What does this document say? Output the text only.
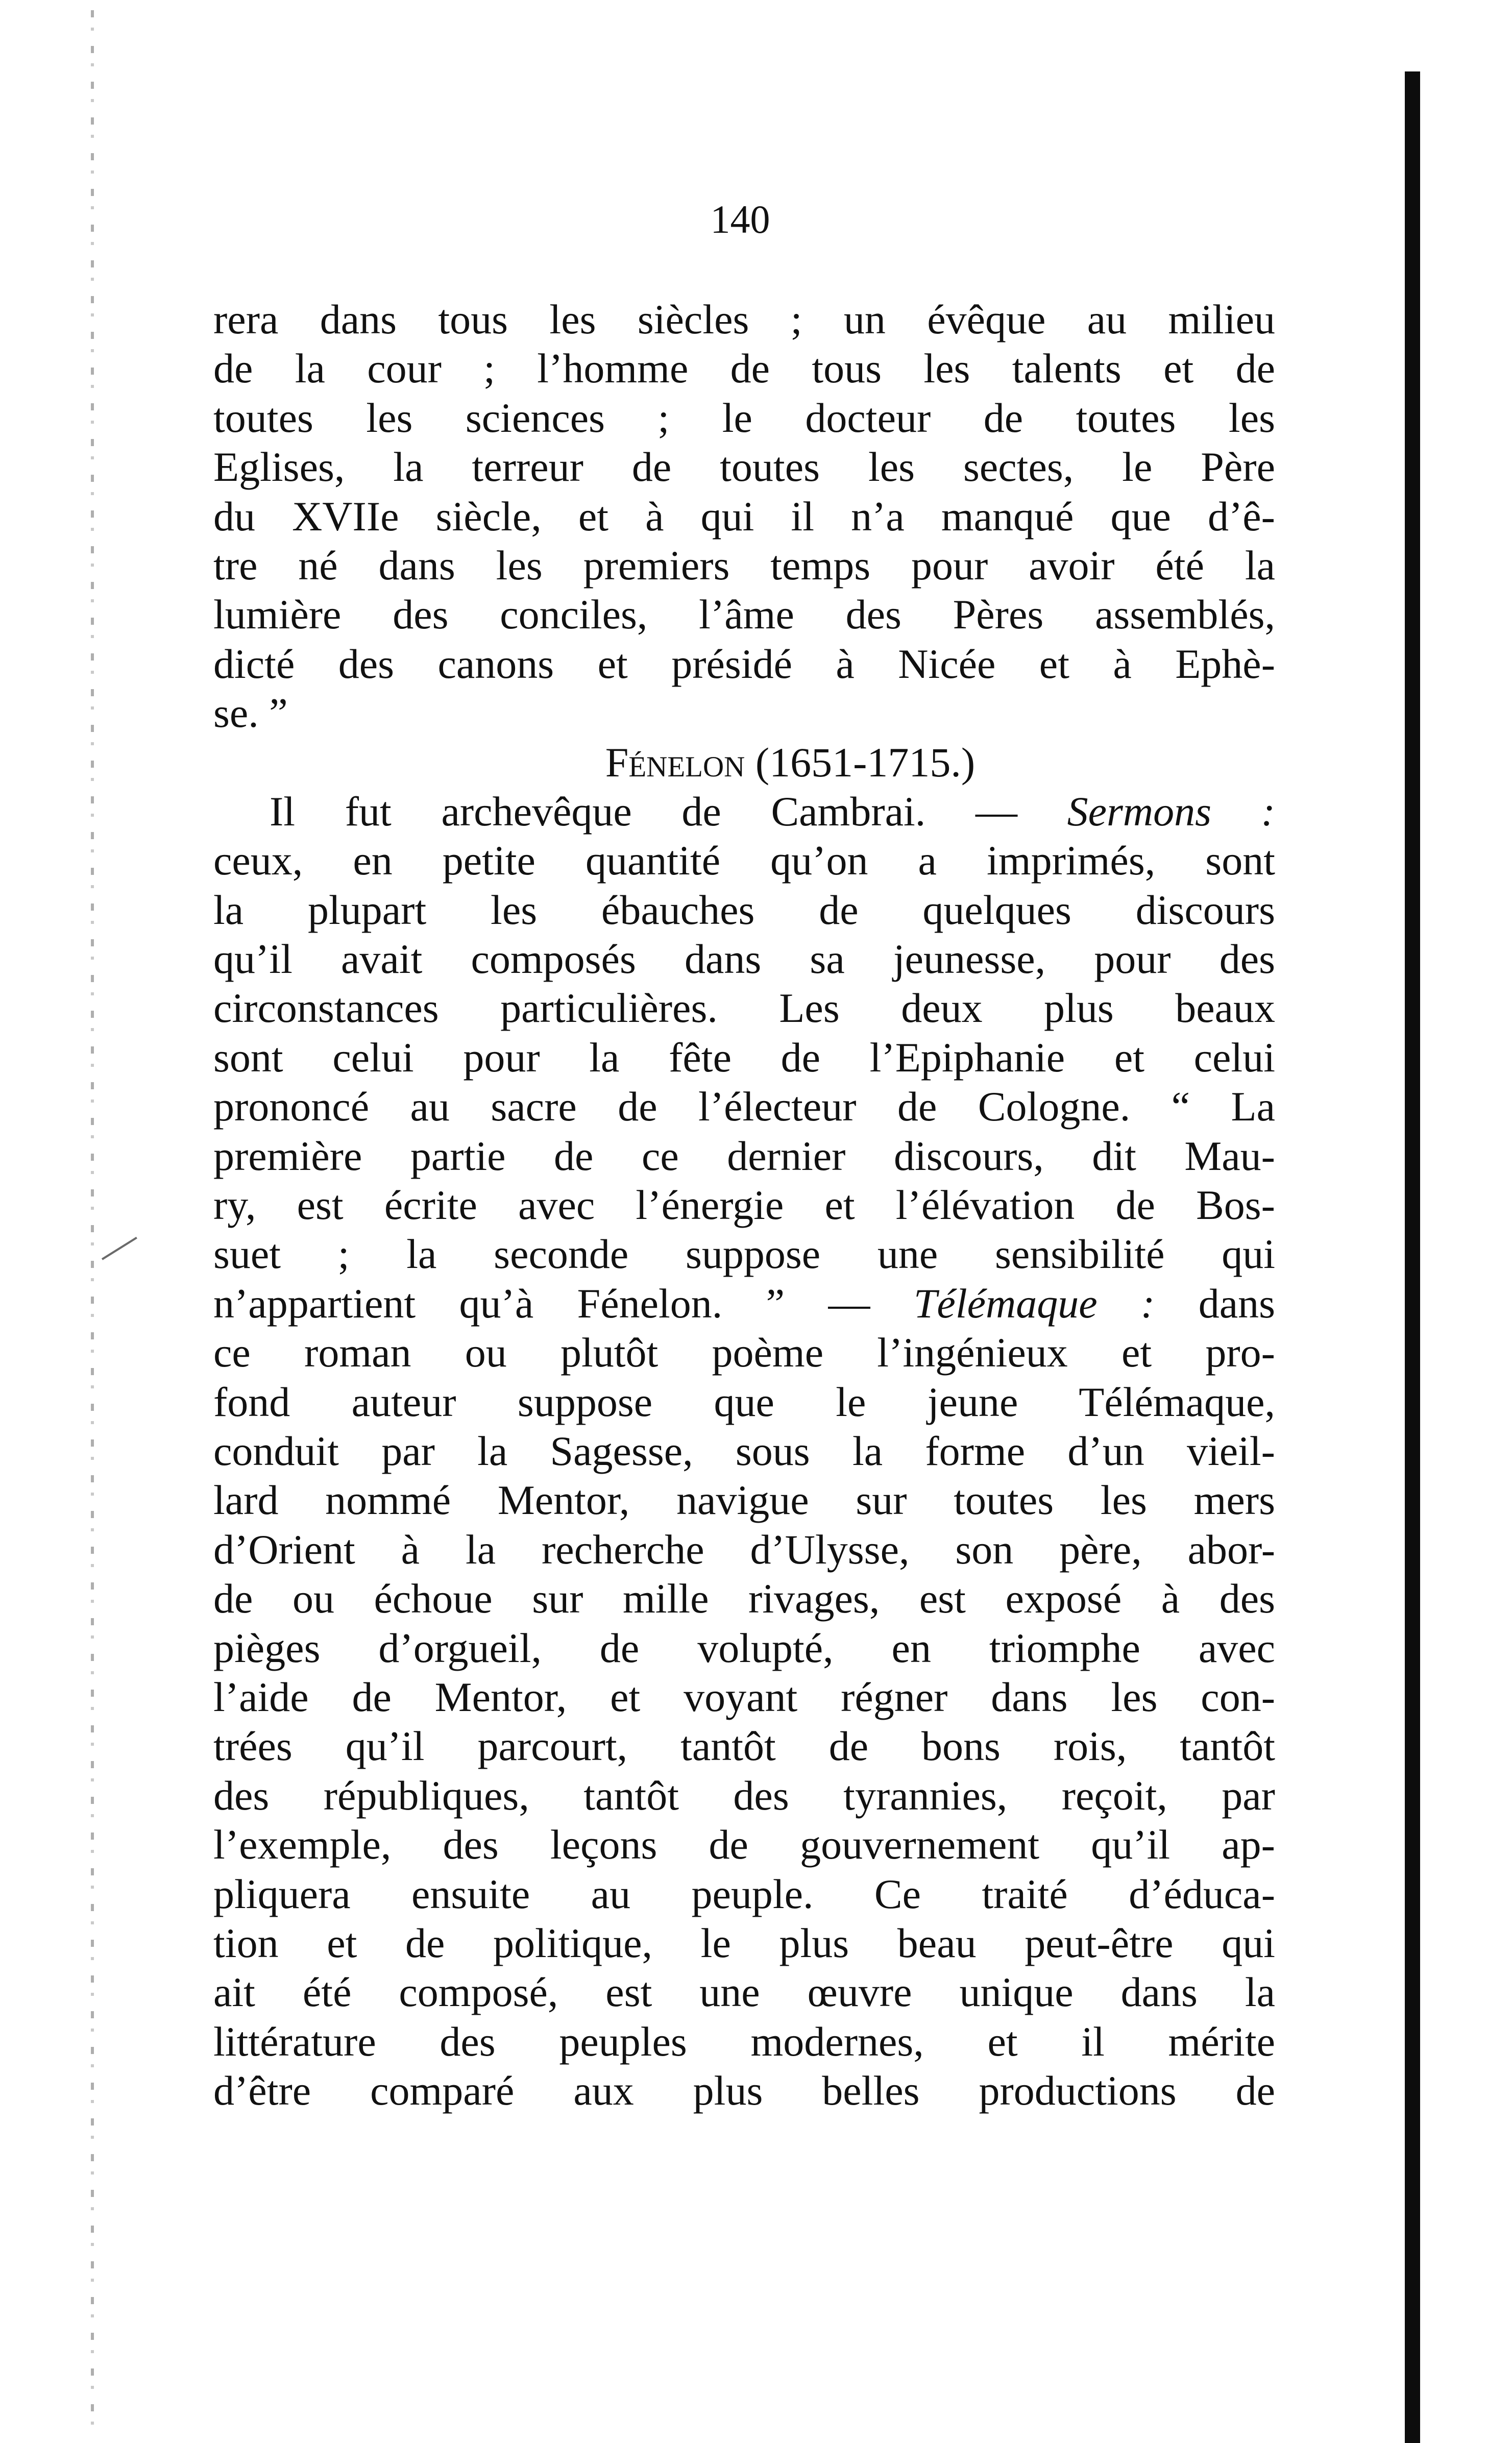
140
rera dans tous les siècles ; un évêque au milieu
de la cour ; l’homme de tous les talents et de
toutes les sciences ; le docteur de toutes les
Eglises, la terreur de toutes les sectes, le Père
du XVIIe siècle, et à qui il n’a manqué que d’ê-
tre né dans les premiers temps pour avoir été la
lumière des conciles, l’âme des Pères assemblés,
dicté des canons et présidé à Nicée et à Ephè-
se. ”
Fénelon (1651-1715.)
Il fut archevêque de Cambrai. — Sermons :
ceux, en petite quantité qu’on a imprimés, sont
la plupart les ébauches de quelques discours
qu’il avait composés dans sa jeunesse, pour des
circonstances particulières. Les deux plus beaux
sont celui pour la fête de l’Epiphanie et celui
prononcé au sacre de l’électeur de Cologne. “ La
première partie de ce dernier discours, dit Mau-
ry, est écrite avec l’énergie et l’élévation de Bos-
suet ; la seconde suppose une sensibilité qui
n’appartient qu’à Fénelon. ” — Télémaque : dans
ce roman ou plutôt poème l’ingénieux et pro-
fond auteur suppose que le jeune Télémaque,
conduit par la Sagesse, sous la forme d’un vieil-
lard nommé Mentor, navigue sur toutes les mers
d’Orient à la recherche d’Ulysse, son père, abor-
de ou échoue sur mille rivages, est exposé à des
pièges d’orgueil, de volupté, en triomphe avec
l’aide de Mentor, et voyant régner dans les con-
trées qu’il parcourt, tantôt de bons rois, tantôt
des républiques, tantôt des tyrannies, reçoit, par
l’exemple, des leçons de gouvernement qu’il ap-
pliquera ensuite au peuple. Ce traité d’éduca-
tion et de politique, le plus beau peut-être qui
ait été composé, est une œuvre unique dans la
littérature des peuples modernes, et il mérite
d’être comparé aux plus belles productions de
